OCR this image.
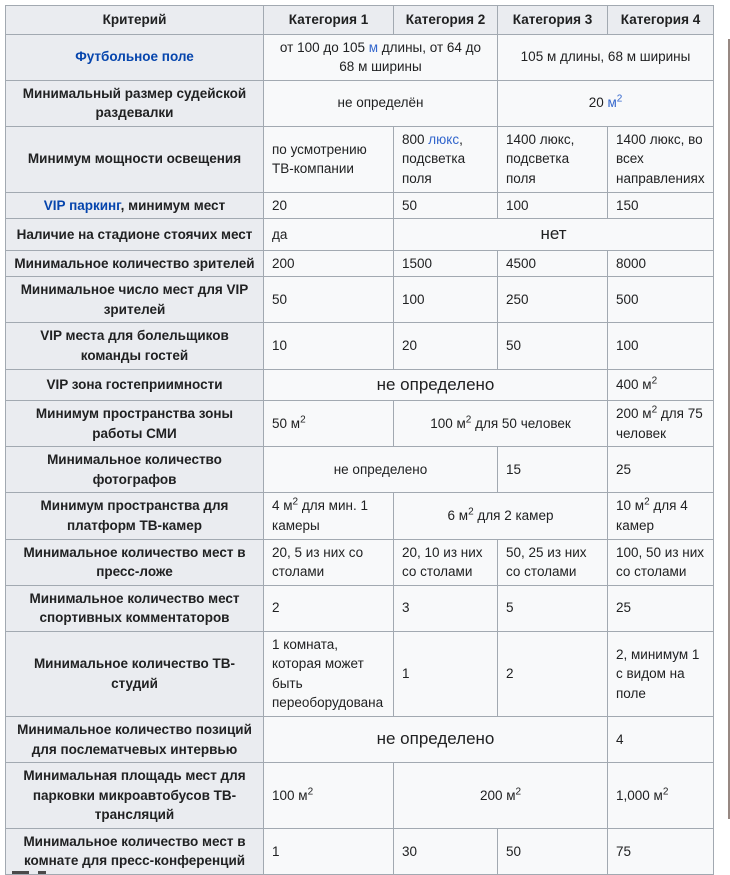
Критерий	Категория 1	Категория 2	Категория 3	Категория 4
Футбольное поле	от 100 до 105 м длины, от 64 до 68 м ширины		105 м длины, 68 м ширины	
Минимальный размер судейской раздевалки	не определён		20 $м^2$
Минимум мощности освещения	по усмотрению ТВ-компании	800 люкс, подсветка поля	1400 люкс, подсветка поля	1400 люкс, во всех направлениях
VIP паркинг, минимум мест	20	50	100	150
Наличие на стадионе стоячих мест	да	нет		
Минимальное количество зрителей	200	1500	4500	8000
Минимальное число мест для VIP зрителей	50	100	250	500
VIP места для болельщиков команды гостей	10	20	50	100
VIP зона гостеприимности	не определено			400 $м^2$
Минимум пространства зоны работы СМИ	50 $м^2$	100 $м^2$ для 50 человек		200 $м^2$ для 75 человек
Минимальное количество фотографов	не определено		15	25
Минимум пространства для платформ ТВ-камер	4 $м^2$ для мин. 1 камеры	6 $м^2$ для 2 камер		10 $м^2$ для 4 камер
Минимальное количество мест в пресс-ложе	20, 5 из них со столами	20, 10 из них со столами	50, 25 из них со столами	100, 50 из них со столами
Минимальное количество мест спортивных комментаторов	2	3	5	25
Минимальное количество ТВ-студий	1 комната, которая может быть переоборудована	1	2	2, минимум 1 с видом на поле
Минимальное количество позиций для послематчевых интервью	не определено			4
Минимальная площадь мест для парковки микроавтобусов ТВ-трансляций	100 $м^2$	200 $м^2$		1,000 $м^2$
Минимальное количество мест в комнате для пресс-конференций	1	30	50	75
